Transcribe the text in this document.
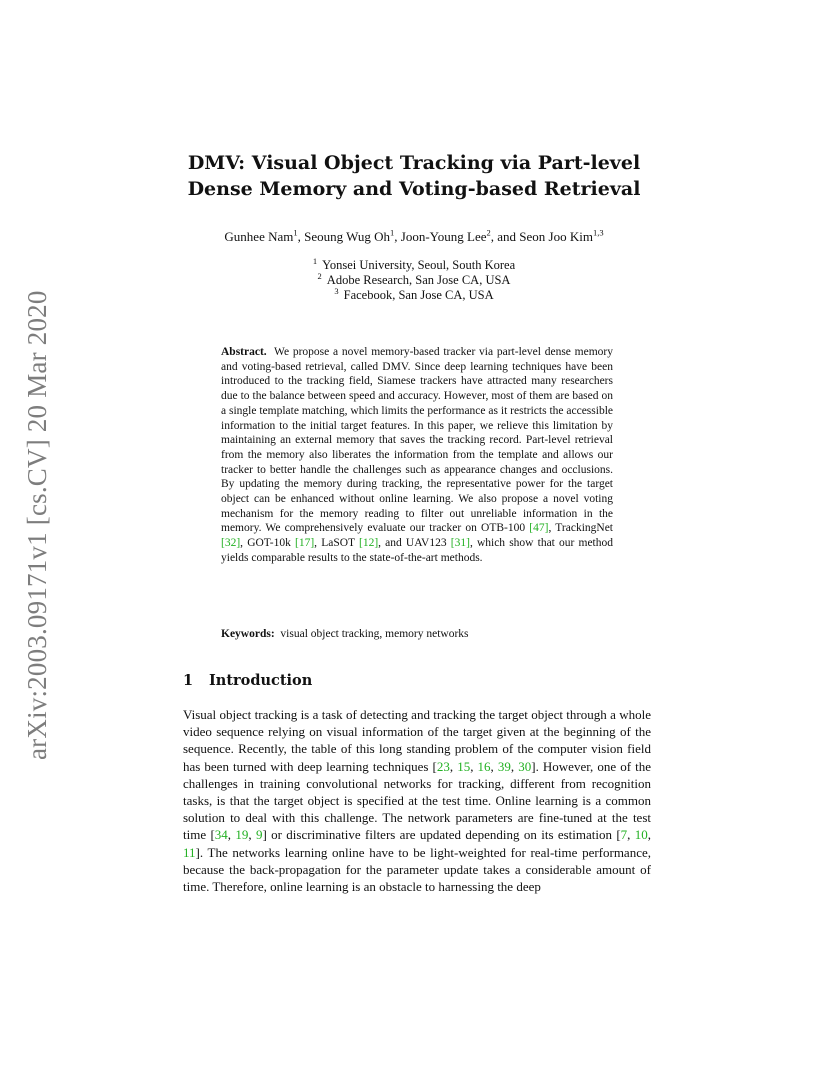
arXiv:2003.09171v1 [cs.CV] 20 Mar 2020
DMV: Visual Object Tracking via Part-level
Dense Memory and Voting-based Retrieval
Gunhee Nam$^1$, Seoung Wug Oh$^1$, Joon-Young Lee$^2$, and Seon Joo Kim$^{1,3}$
$^1$ Yonsei University, Seoul, South Korea
$^2$ Adobe Research, San Jose CA, USA
$^3$ Facebook, San Jose CA, USA
Abstract. We propose a novel memory-based tracker via part-level dense memory and voting-based retrieval, called DMV. Since deep learning techniques have been introduced to the tracking field, Siamese trackers have attracted many researchers due to the balance between speed and accuracy. However, most of them are based on a single template matching, which limits the performance as it restricts the accessible information to the initial target features. In this paper, we relieve this limitation by maintaining an external memory that saves the tracking record. Part-level retrieval from the memory also liberates the information from the template and allows our tracker to better handle the challenges such as appearance changes and occlusions. By updating the memory during tracking, the representative power for the target object can be enhanced without online learning. We also propose a novel voting mechanism for the memory reading to filter out unreliable information in the memory. We comprehensively evaluate our tracker on OTB-100 [47], TrackingNet [32], GOT-10k [17], LaSOT [12], and UAV123 [31], which show that our method yields comparable results to the state-of-the-art methods.
Keywords: visual object tracking, memory networks
1 Introduction
Visual object tracking is a task of detecting and tracking the target object through a whole video sequence relying on visual information of the target given at the beginning of the sequence. Recently, the table of this long standing problem of the computer vision field has been turned with deep learning techniques [23, 15, 16, 39, 30]. However, one of the challenges in training convolutional networks for tracking, different from recognition tasks, is that the target object is specified at the test time. Online learning is a common solution to deal with this challenge. The network parameters are fine-tuned at the test time [34, 19, 9] or discriminative filters are updated depending on its estimation [7, 10, 11]. The networks learning online have to be light-weighted for real-time performance, because the back-propagation for the parameter update takes a considerable amount of time. Therefore, online learning is an obstacle to harnessing the deep
